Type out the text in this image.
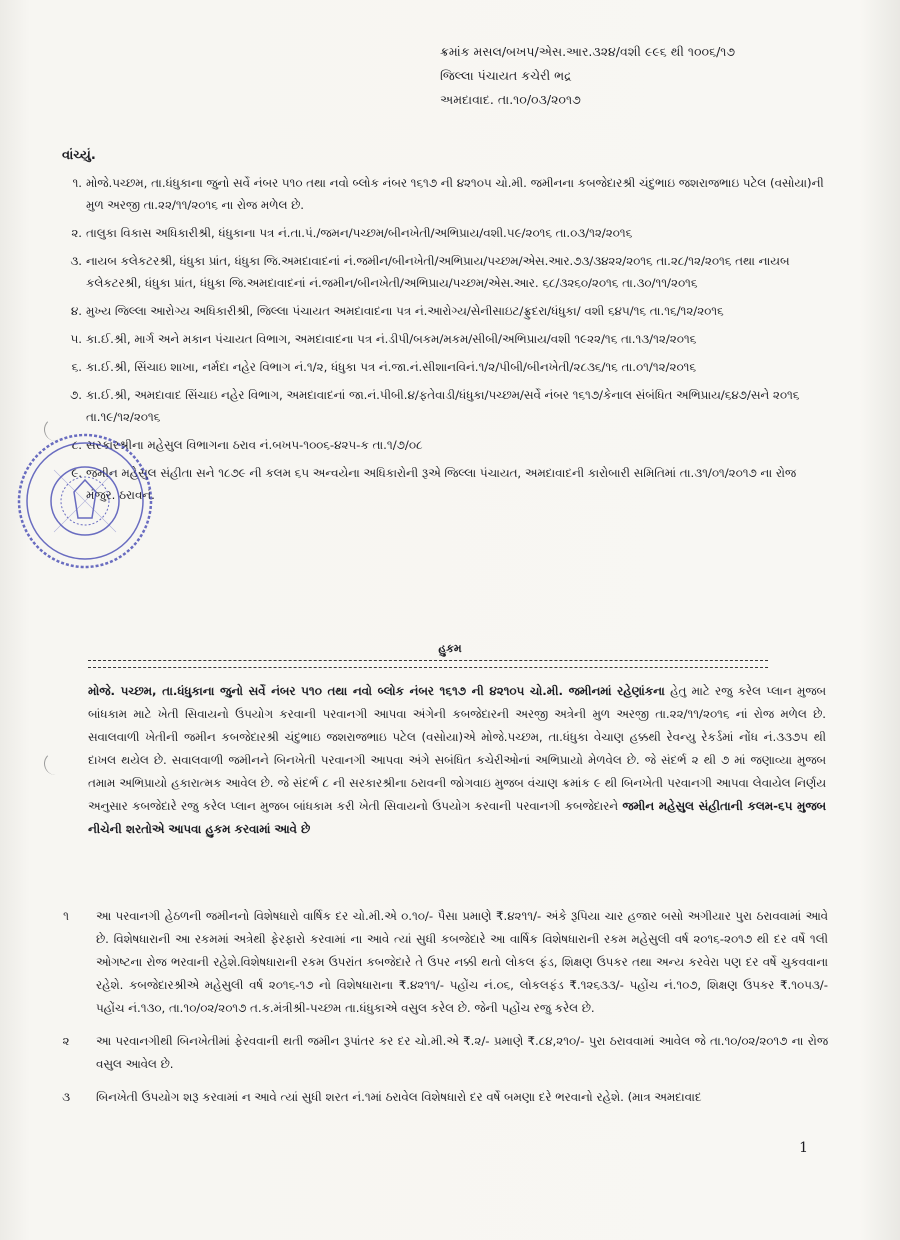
ક્રમાંક મસલ/બખપ/એસ.આર.૩૨૪/વશી ૯૯૬ થી ૧૦૦૬/૧૭
જિલ્લા પંચાયત કચેરી ભદ્ર
અમદાવાદ. તા.૧૦/૦૩/૨૦૧૭
વાંચ્યું.
૧. મોજે.પચ્છમ, તા.ધંધુકાના જુનો સર્વે નંબર ૫૧૦ તથા નવો બ્લોક નંબર ૧૬૧૭ ની ૪૨૧૦૫ ચો.મી. જમીનના કબજેદારશ્રી ચંદુભાઇ જશરાજભાઇ પટેલ (વસોયા)ની મુળ અરજી તા.૨૨/૧૧/૨૦૧૬ ના રોજ મળેલ છે.
૨. તાલુકા વિકાસ અધિકારીશ્રી, ધંધુકાના પત્ર નં.તા.પં./જમન/પચ્છમ/બીનખેતી/અભિપ્રાય/વશી.૫૯/૨૦૧૬ તા.૦૩/૧૨/૨૦૧૬
૩. નાયબ કલેકટરશ્રી, ધંધુકા પ્રાંત, ધંધુકા જિ.અમદાવાદનાં નં.જમીન/બીનખેતી/અભિપ્રાય/પચ્છમ/એસ.આર.૭૩/૩૪૨૨/૨૦૧૬ તા.૨૮/૧૨/૨૦૧૬ તથા નાયબ કલેકટરશ્રી, ધંધુકા પ્રાંત, ધંધુકા જિ.અમદાવાદનાં નં.જમીન/બીનખેતી/અભિપ્રાય/પચ્છમ/એસ.આર. ૬૮/૩૨૬૦/૨૦૧૬ તા.૩૦/૧૧/૨૦૧૬
૪. મુખ્ય જિલ્લા આરોગ્ય અધિકારીશ્રી, જિલ્લા પંચાયત અમદાવાદના પત્ર નં.આરોગ્ય/સેનીસાઇટ/ફ્રુદરા/ધંધુકા/ વશી ૬૪૫/૧૬ તા.૧૬/૧૨/૨૦૧૬
૫. કા.ઈ.શ્રી, માર્ગ અને મકાન પંચાયત વિભાગ, અમદાવાદના પત્ર નં.ડીપી/બકમ/મકમ/સીબી/અભિપ્રાય/વશી ૧૯૨૨/૧૬ તા.૧૩/૧૨/૨૦૧૬
૬. કા.ઈ.શ્રી, સિંચાઇ શાખા, નર્મદા નહેર વિભાગ નં.૧/૨, ધંધુકા પત્ર નં.જા.નં.સીશાનવિનં.૧/૨/પીબી/બીનખેતી/૨૮૩૬/૧૬ તા.૦૧/૧૨/૨૦૧૬
૭. કા.ઈ.શ્રી, અમદાવાદ સિંચાઇ નહેર વિભાગ, અમદાવાદનાં જા.નં.પીબી.૪/ફતેવાડી/ધંધુકા/પચ્છમ/સર્વે નંબર ૧૬૧૭/કેનાલ સંબંધિત અભિપ્રાય/૬૪૭/સને ૨૦૧૬ તા.૧૯/૧૨/૨૦૧૬
૮. સરકારશ્રીના મહેસુલ વિભાગના ઠરાવ નં.બખપ-૧૦૦૬-૪૨૫-ક તા.૧/૭/૦૮
૯. જમીન મહેસુલ સંહીતા સને ૧૮૭૯ ની કલમ ૬૫ અન્વયેના અધિકારોની રૂએ જિલ્લા પંચાયત, અમદાવાદની કારોબારી સમિતિમાં તા.૩૧/૦૧/૨૦૧૭ ના રોજ મંજુર. ઠરાવનં.
હુકમ

મોજે. પચ્છમ, તા.ધંધુકાના જુનો સર્વે નંબર ૫૧૦ તથા નવો બ્લોક નંબર ૧૬૧૭ ની ૪૨૧૦૫ ચો.મી. જમીનમાં રહેણાંકના હેતુ માટે રજુ કરેલ પ્લાન મુજબ બાંધકામ માટે ખેતી સિવાયનો ઉપયોગ કરવાની પરવાનગી આપવા અંગેની કબજેદારની અરજી અત્રેની મુળ અરજી તા.૨૨/૧૧/૨૦૧૬ નાં રોજ મળેલ છે. સવાલવાળી ખેતીની જમીન કબજેદારશ્રી ચંદુભાઇ જશરાજભાઇ પટેલ (વસોયા)એ મોજે.પચ્છમ, તા.ધંધુકા વેચાણ હક્કથી રેવન્યુ રેકર્ડમાં નોંધ નં.૩૩૭૫ થી દાખલ થયેલ છે. સવાલવાળી જમીનને બિનખેતી પરવાનગી આપવા અંગે સબંધિત કચેરીઓનાં અભિપ્રાયો મેળવેલ છે. જે સંદર્ભ ૨ થી ૭ માં જણાવ્યા મુજબ તમામ અભિપ્રાયો હકારાત્મક આવેલ છે. જે સંદર્ભ ૮ ની સરકારશ્રીના ઠરાવની જોગવાઇ મુજબ વંચાણ ક્રમાંક ૯ થી બિનખેતી પરવાનગી આપવા લેવાયેલ નિર્ણય અનુસાર કબજેદારે રજુ કરેલ પ્લાન મુજબ બાંધકામ કરી ખેતી સિવાયનો ઉપયોગ કરવાની પરવાનગી કબજેદારને જમીન મહેસુલ સંહીતાની કલમ-૬૫ મુજબ નીચેની શરતોએ આપવા હુકમ કરવામાં આવે છે

૧	આ પરવાનગી હેઠળની જમીનનો વિશેષધારો વાર્ષિક દર ચો.મી.એ ૦.૧૦/- પૈસા પ્રમાણે ₹.૪૨૧૧/- અંકે રૂપિયા ચાર હજાર બસો અગીયાર પુરા ઠરાવવામાં આવે છે. વિશેષધારાની આ રકમમાં અત્રેથી ફેરફારો કરવામાં ના આવે ત્યાં સુધી કબજેદારે આ વાર્ષિક વિશેષધારાની રકમ મહેસુલી વર્ષ ૨૦૧૬-૨૦૧૭ થી દર વર્ષે ૧લી ઓગષ્ટના રોજ ભરવાની રહેશે.વિશેષધારાની રકમ ઉપરાંત કબજેદારે તે ઉપર નક્કી થતો લોકલ ફંડ, શિક્ષણ ઉપકર તથા અન્ય કરવેરા પણ દર વર્ષે ચુકવવાના રહેશે. કબજેદારશ્રીએ મહેસુલી વર્ષ ૨૦૧૬-૧૭ નો વિશેષધારાના ₹.૪૨૧૧/- પહોંચ નં.૦૬, લોકલફંડ ₹.૧૨૬૩૩/- પહોંચ નં.૧૦૭, શિક્ષણ ઉપકર ₹.૧૦૫૩/- પહોંચ નં.૧૩૦, તા.૧૦/૦૨/૨૦૧૭ ત.ક.મંત્રીશ્રી-પચ્છમ તા.ધંધુકાએ વસુલ કરેલ છે. જેની પહોંચ રજુ કરેલ છે.
૨	આ પરવાનગીથી બિનખેતીમાં ફેરવવાની થતી જમીન રૂપાંતર કર દર ચો.મી.એ ₹.૨/- પ્રમાણે ₹.૮૪,૨૧૦/- પુરા ઠરાવવામાં આવેલ જે તા.૧૦/૦૨/૨૦૧૭ ના રોજ વસુલ આવેલ છે.
૩	બિનખેતી ઉપયોગ શરૂ કરવામાં ન આવે ત્યાં સુધી શરત નં.૧માં ઠરાવેલ વિશેષધારો દર વર્ષે બમણા દરે ભરવાનો રહેશે. (માત્ર અમદાવાદ
1
